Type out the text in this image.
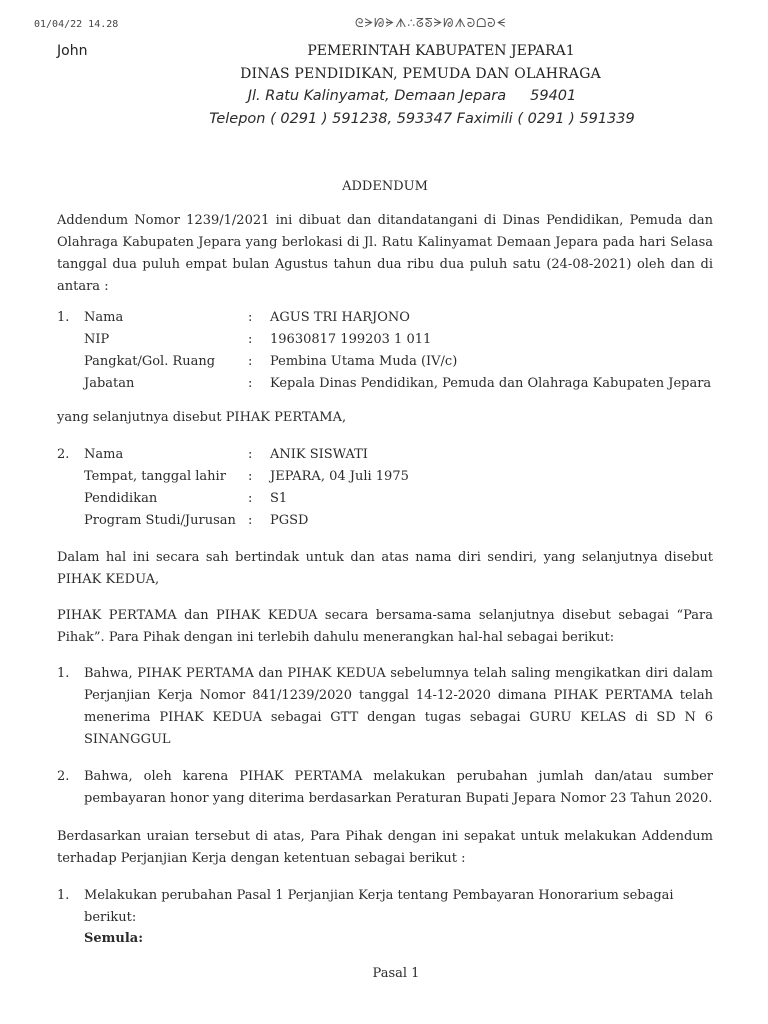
01/04/22 14.28	ᘓᗒᘘᗓᗑ∴ᘔᘕᗒᘘᗑᘒᗝᘒᗕ
John	PEMERINTAH KABUPATEN JEPARA1
DINAS PENDIDIKAN, PEMUDA DAN OLAHRAGA
Jl. Ratu Kalinyamat, Demaan Jepara 59401
Telepon ( 0291 ) 591238, 593347 Faximili ( 0291 ) 591339
ADDENDUM
Addendum Nomor 1239/1/2021 ini dibuat dan ditandatangani di Dinas Pendidikan, Pemuda dan Olahraga Kabupaten Jepara yang berlokasi di Jl. Ratu Kalinyamat Demaan Jepara pada hari Selasa tanggal dua puluh empat bulan Agustus tahun dua ribu dua puluh satu (24-08-2021) oleh dan di antara :
1. Nama	: AGUS TRI HARJONO
NIP	: 19630817 199203 1 011
Pangkat/Gol. Ruang	: Pembina Utama Muda (IV/c)
Jabatan	: Kepala Dinas Pendidikan, Pemuda dan Olahraga Kabupaten Jepara
yang selanjutnya disebut PIHAK PERTAMA,
2. Nama	: ANIK SISWATI
Tempat, tanggal lahir : JEPARA, 04 Juli 1975
Pendidikan	: S1
Program Studi/Jurusan : PGSD
Dalam hal ini secara sah bertindak untuk dan atas nama diri sendiri, yang selanjutnya disebut PIHAK KEDUA,
PIHAK PERTAMA dan PIHAK KEDUA secara bersama-sama selanjutnya disebut sebagai “Para Pihak”. Para Pihak dengan ini terlebih dahulu menerangkan hal-hal sebagai berikut:
1. Bahwa, PIHAK PERTAMA dan PIHAK KEDUA sebelumnya telah saling mengikatkan diri dalam Perjanjian Kerja Nomor 841/1239/2020 tanggal 14-12-2020 dimana PIHAK PERTAMA telah menerima PIHAK KEDUA sebagai GTT dengan tugas sebagai GURU KELAS di SD N 6 SINANGGUL
2. Bahwa, oleh karena PIHAK PERTAMA melakukan perubahan jumlah dan/atau sumber pembayaran honor yang diterima berdasarkan Peraturan Bupati Jepara Nomor 23 Tahun 2020.
Berdasarkan uraian tersebut di atas, Para Pihak dengan ini sepakat untuk melakukan Addendum terhadap Perjanjian Kerja dengan ketentuan sebagai berikut :
1. Melakukan perubahan Pasal 1 Perjanjian Kerja tentang Pembayaran Honorarium sebagai berikut:
Semula:
Pasal 1
